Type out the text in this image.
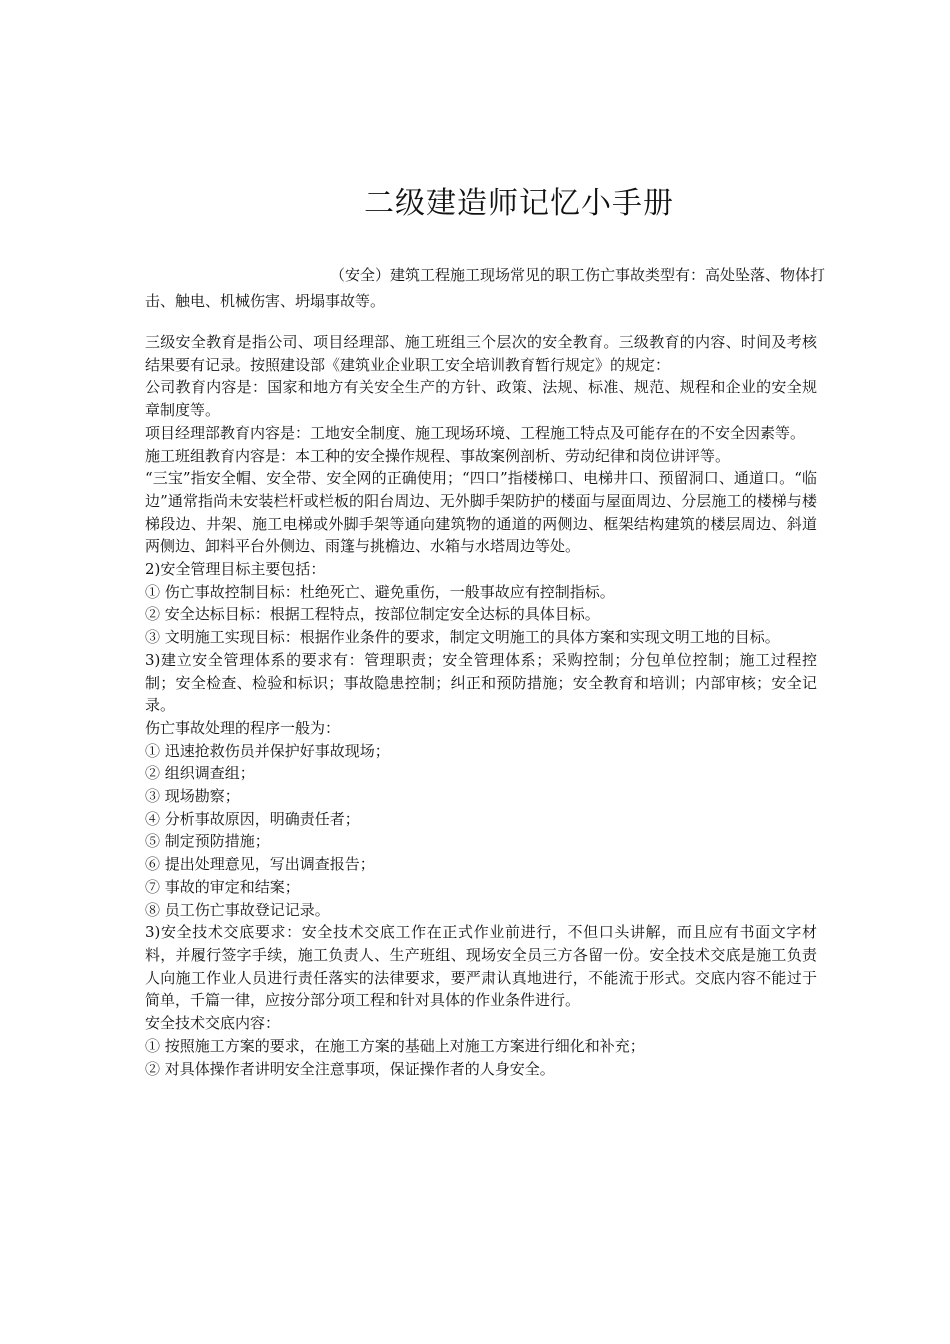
二级建造师记忆小手册

（安全）建筑工程施工现场常见的职工伤亡事故类型有：高处坠落、物体打击、触电、机械伤害、坍塌事故等。

三级安全教育是指公司、项目经理部、施工班组三个层次的安全教育。三级教育的内容、时间及考核结果要有记录。按照建设部《建筑业企业职工安全培训教育暂行规定》的规定：

公司教育内容是：国家和地方有关安全生产的方针、政策、法规、标准、规范、规程和企业的安全规章制度等。

项目经理部教育内容是：工地安全制度、施工现场环境、工程施工特点及可能存在的不安全因素等。

施工班组教育内容是：本工种的安全操作规程、事故案例剖析、劳动纪律和岗位讲评等。

“三宝”指安全帽、安全带、安全网的正确使用；“四口”指楼梯口、电梯井口、预留洞口、通道口。“临边”通常指尚未安装栏杆或栏板的阳台周边、无外脚手架防护的楼面与屋面周边、分层施工的楼梯与楼梯段边、井架、施工电梯或外脚手架等通向建筑物的通道的两侧边、框架结构建筑的楼层周边、斜道两侧边、卸料平台外侧边、雨篷与挑檐边、水箱与水塔周边等处。

2)安全管理目标主要包括：

① 伤亡事故控制目标：杜绝死亡、避免重伤，一般事故应有控制指标。

② 安全达标目标：根据工程特点，按部位制定安全达标的具体目标。

③ 文明施工实现目标：根据作业条件的要求，制定文明施工的具体方案和实现文明工地的目标。

3)建立安全管理体系的要求有：管理职责；安全管理体系；采购控制；分包单位控制；施工过程控制；安全检查、检验和标识；事故隐患控制；纠正和预防措施；安全教育和培训；内部审核；安全记录。

伤亡事故处理的程序一般为：

① 迅速抢救伤员并保护好事故现场；

② 组织调查组；

③ 现场勘察；

④ 分析事故原因，明确责任者；

⑤ 制定预防措施；

⑥ 提出处理意见，写出调查报告；

⑦ 事故的审定和结案；

⑧ 员工伤亡事故登记记录。

3)安全技术交底要求：安全技术交底工作在正式作业前进行，不但口头讲解，而且应有书面文字材料，并履行签字手续，施工负责人、生产班组、现场安全员三方各留一份。安全技术交底是施工负责人向施工作业人员进行责任落实的法律要求，要严肃认真地进行，不能流于形式。交底内容不能过于简单，千篇一律，应按分部分项工程和针对具体的作业条件进行。

安全技术交底内容：

① 按照施工方案的要求，在施工方案的基础上对施工方案进行细化和补充；

② 对具体操作者讲明安全注意事项，保证操作者的人身安全。
